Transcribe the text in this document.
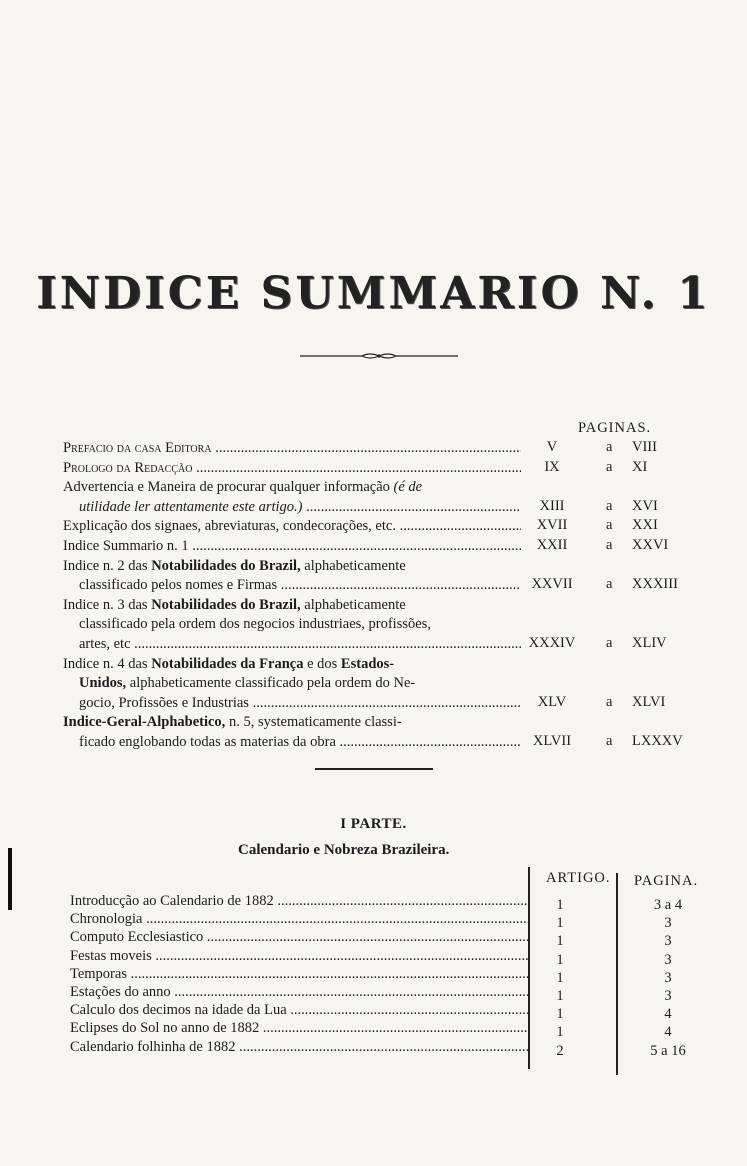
INDICE SUMMARIO N. 1
PAGINAS.
Prefacio da casa Editora .....	V	a VIII
Prologo da Redacção .....	IX	a XI
Advertencia e Maneira de procurar qualquer informação (é de
utilidade ler attentamente este artigo.) .....	XIII	a XVI
Explicação dos signaes, abreviaturas, condecorações, etc. .....	XVII	a XXI
Indice Summario n. 1 .....	XXII	a XXVI
Indice n. 2 das Notabilidades do Brazil, alphabeticamente
classificado pelos nomes e Firmas .....	XXVII	a XXXIII
Indice n. 3 das Notabilidades do Brazil, alphabeticamente
classificado pela ordem dos negocios industriaes, profissões,
artes, etc .....	XXXIV	a XLIV
Indice n. 4 das Notabilidades da França e dos Estados-
Unidos, alphabeticamente classificado pela ordem do Ne-
gocio, Profissões e Industrias .....	XLV	a XLVI
Indice-Geral-Alphabetico, n. 5, systematicamente classi-
ficado englobando todas as materias da obra .....	XLVII	a LXXXV
I PARTE.
Calendario e Nobreza Brazileira.
ARTIGO. PAGINA.
Introducção ao Calendario de 1882 .....	1	3 a 4
Chronologia .....	1	3
Computo Ecclesiastico .....	1	3
Festas moveis .....	1	3
Temporas .....	1	3
Estações do anno .....	1	3
Calculo dos decimos na idade da Lua .....	1	4
Eclipses do Sol no anno de 1882 .....	1	4
Calendario folhinha de 1882 .....	2	5 a 16
